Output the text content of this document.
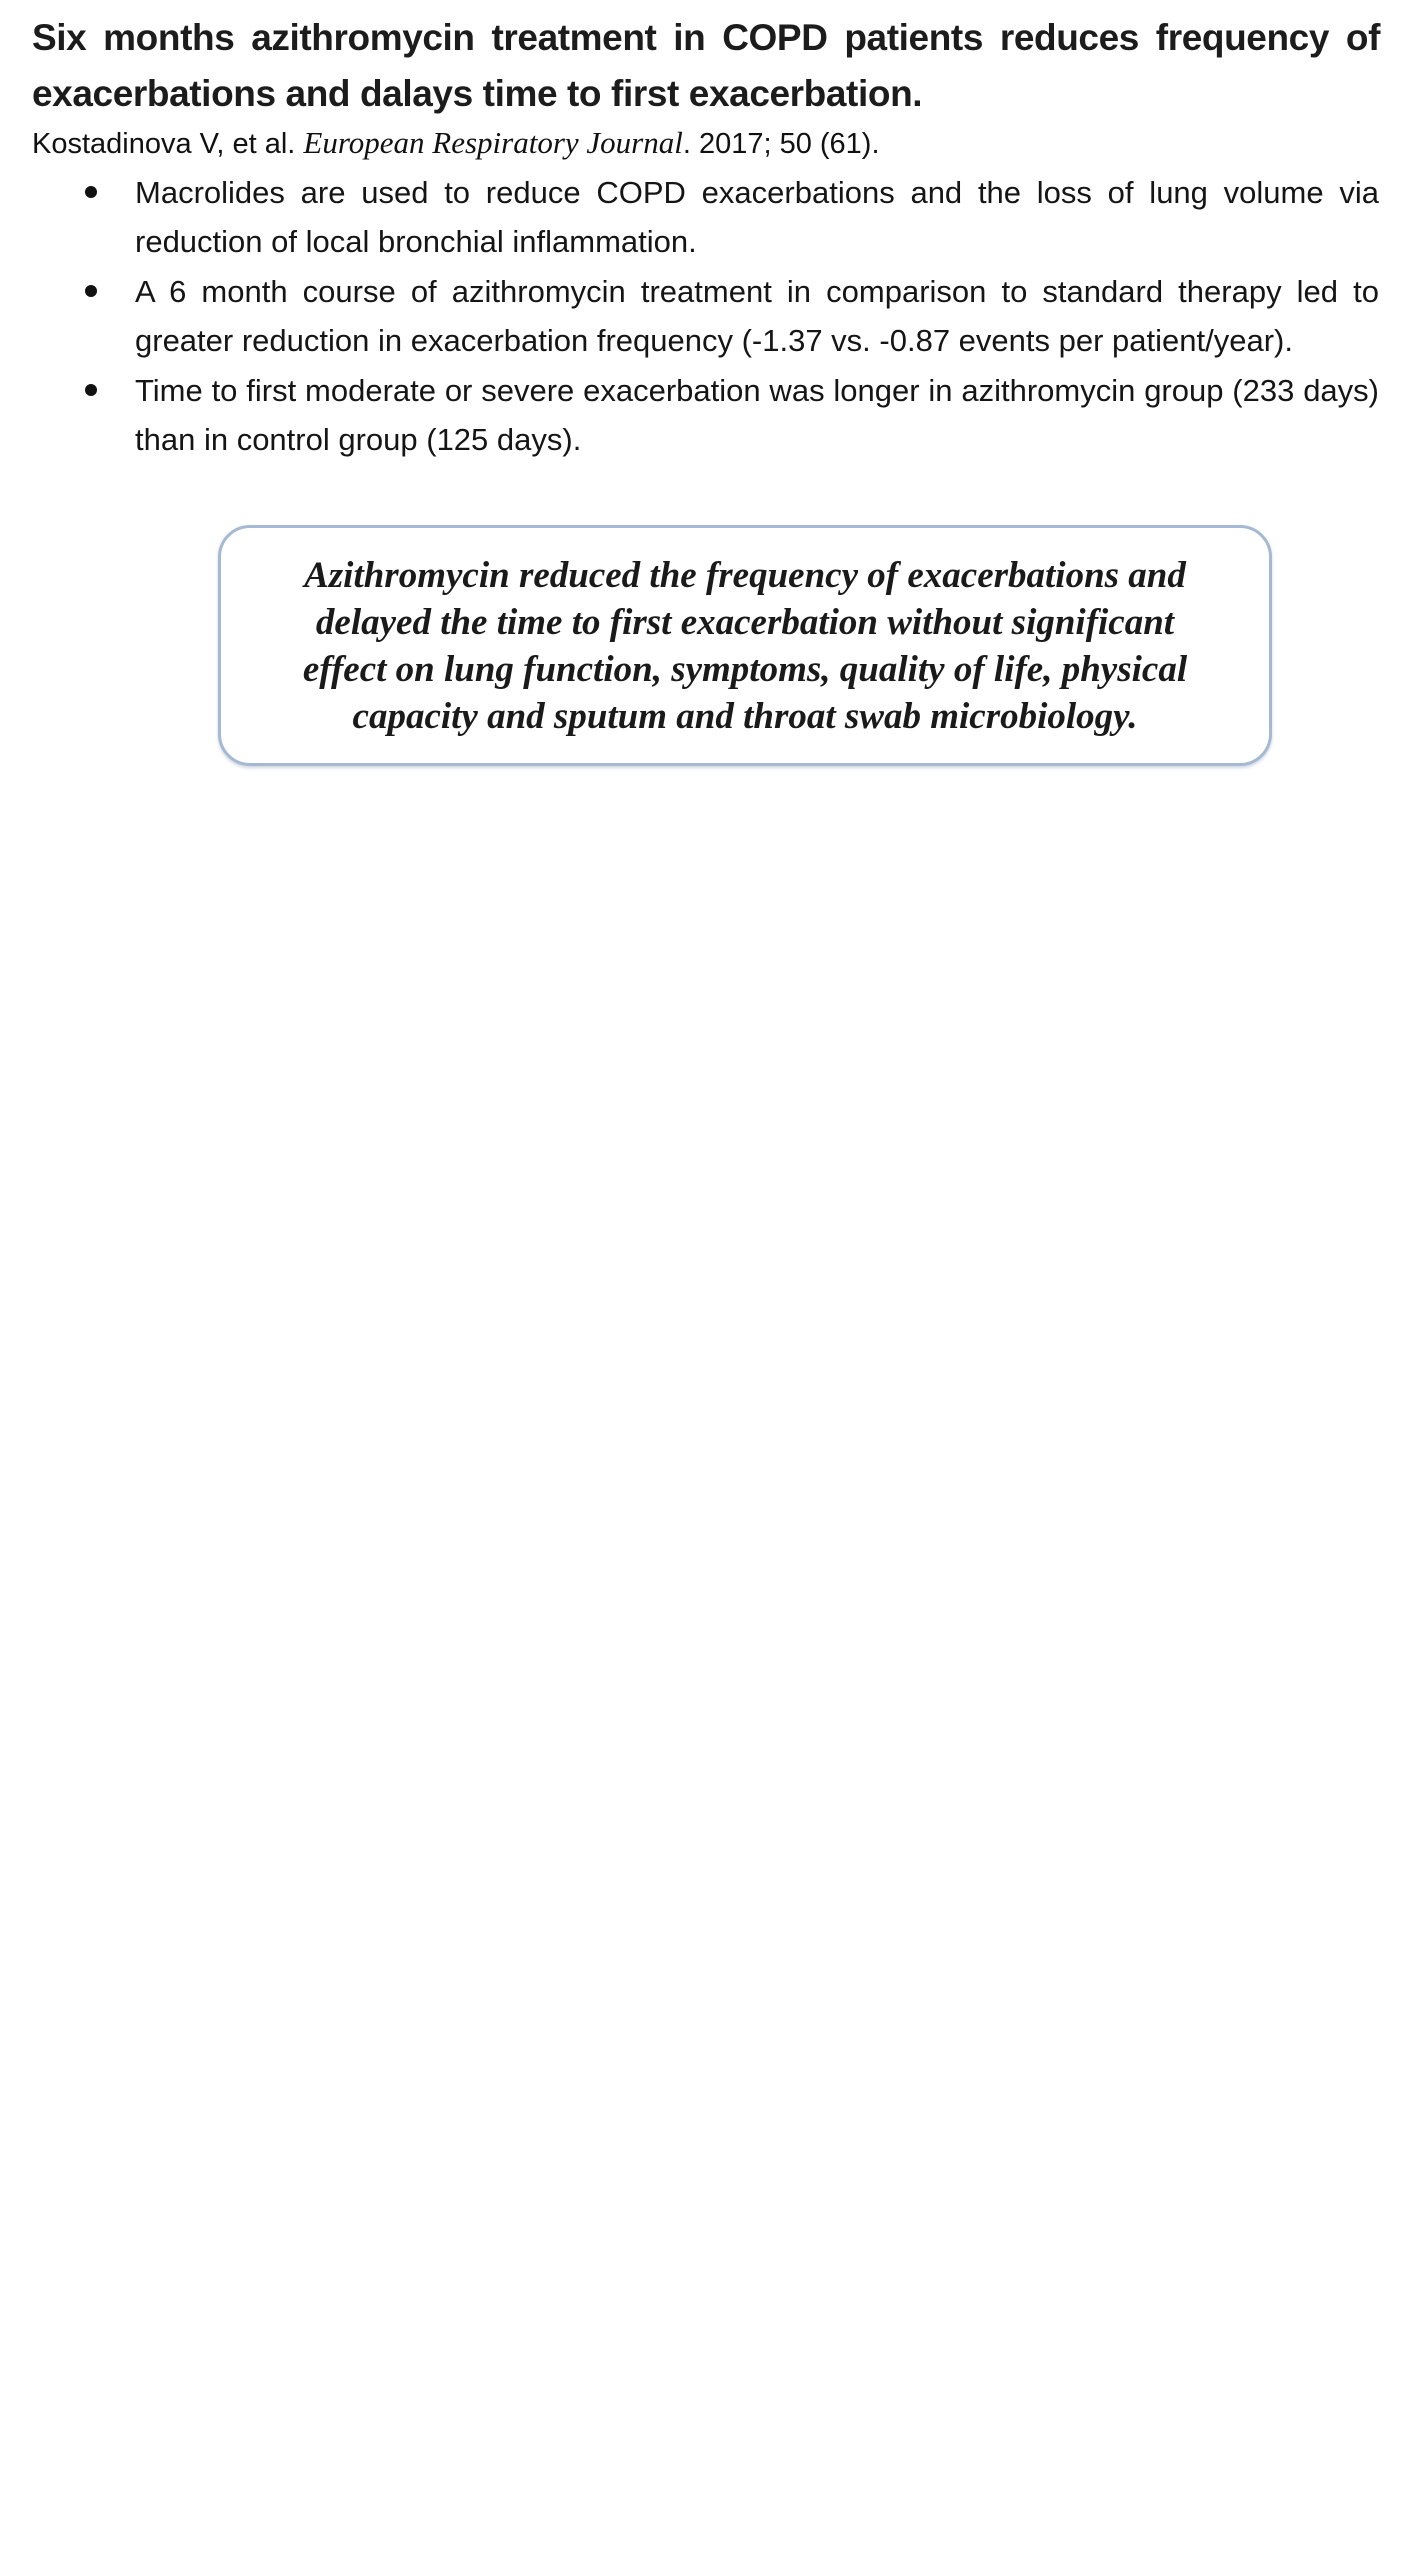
Six months azithromycin treatment in COPD patients reduces frequency of exacerbations and dalays time to first exacerbation.
Kostadinova V, et al. European Respiratory Journal. 2017; 50 (61).
Macrolides are used to reduce COPD exacerbations and the loss of lung volume via reduction of local bronchial inflammation.
A 6 month course of azithromycin treatment in comparison to standard therapy led to greater reduction in exacerbation frequency (-1.37 vs. -0.87 events per patient/year).
Time to first moderate or severe exacerbation was longer in azithromycin group (233 days) than in control group (125 days).

Azithromycin reduced the frequency of exacerbations and delayed the time to first exacerbation without significant effect on lung function, symptoms, quality of life, physical capacity and sputum and throat swab microbiology.
